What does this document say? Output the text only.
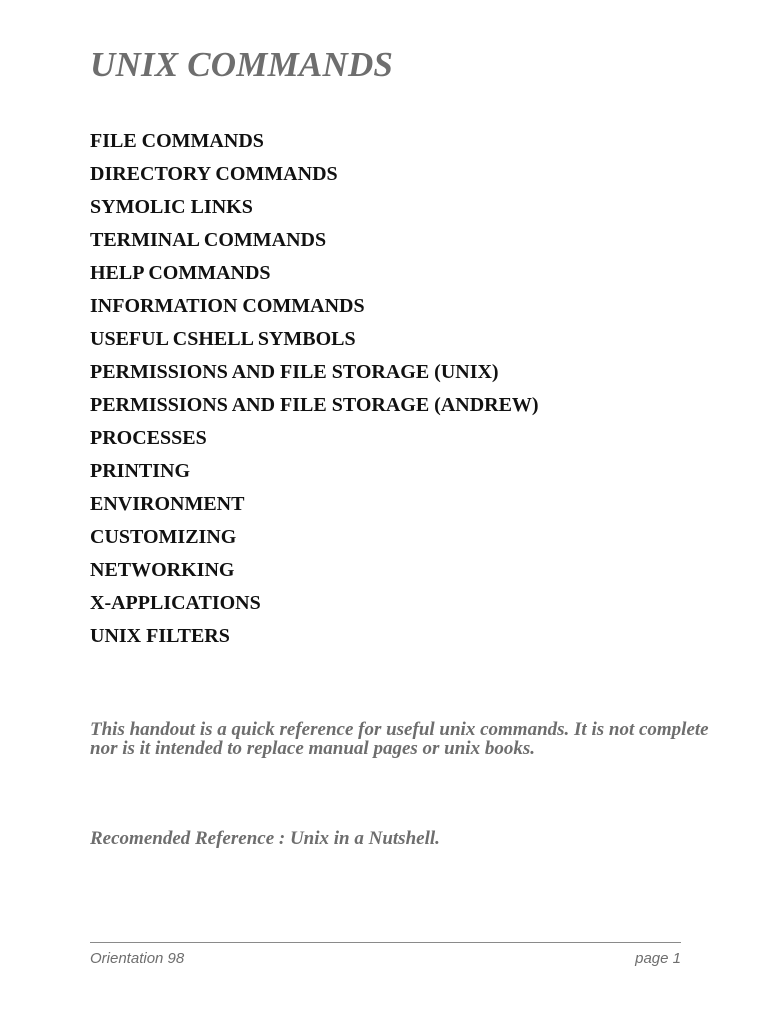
UNIX COMMANDS
FILE COMMANDS
DIRECTORY COMMANDS
SYMOLIC LINKS
TERMINAL COMMANDS
HELP COMMANDS
INFORMATION COMMANDS
USEFUL CSHELL SYMBOLS
PERMISSIONS AND FILE STORAGE (UNIX)
PERMISSIONS AND FILE STORAGE (ANDREW)
PROCESSES
PRINTING
ENVIRONMENT
CUSTOMIZING
NETWORKING
X-APPLICATIONS
UNIX FILTERS

This handout is a quick reference for useful unix commands. It is not complete nor is it intended to replace manual pages or unix books.

Recomended Reference : Unix in a Nutshell.

Orientation 98	page 1
